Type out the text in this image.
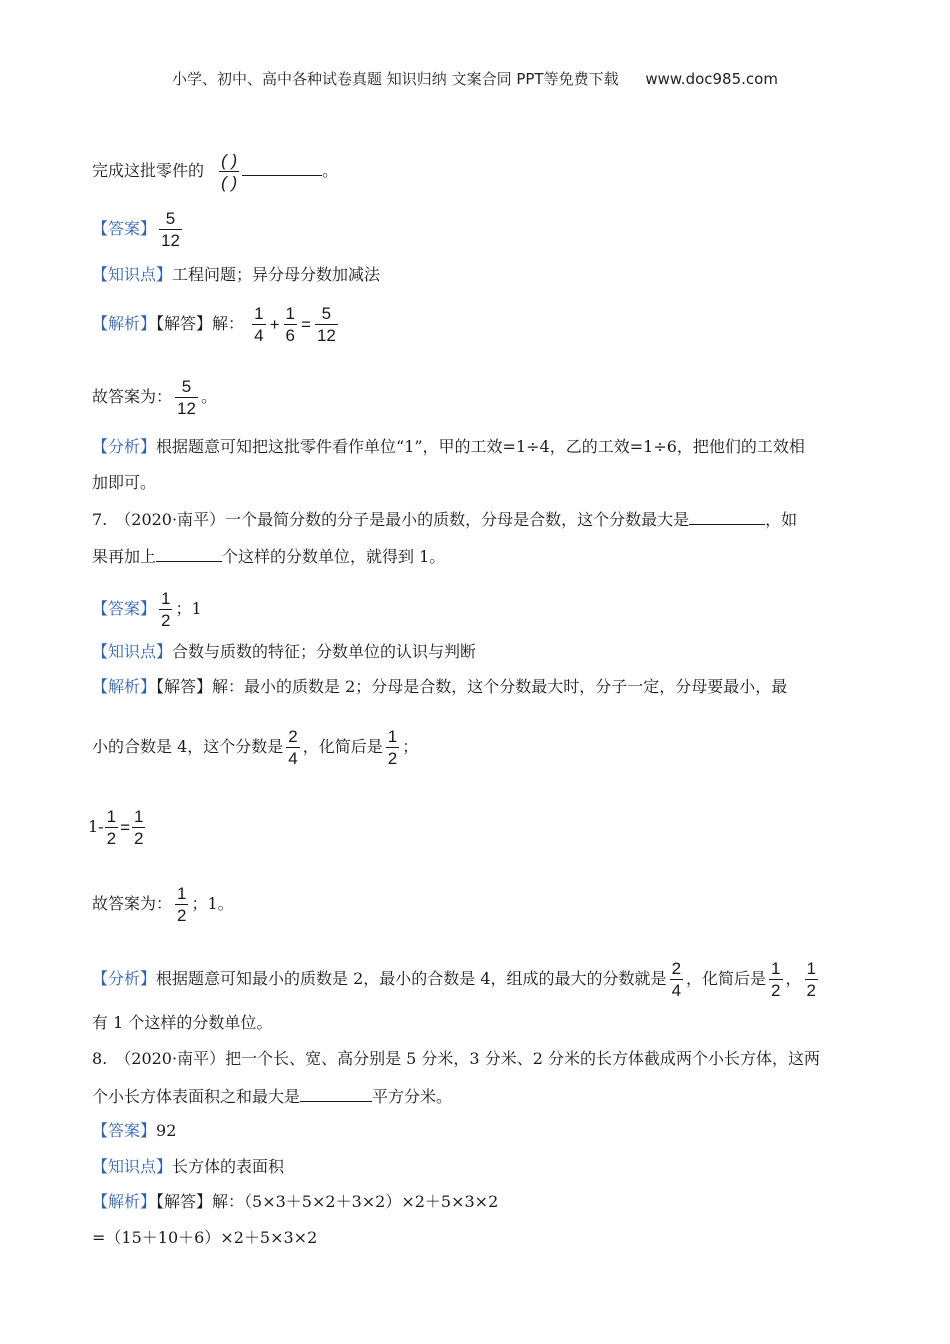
小学、初中、高中各种试卷真题 知识归纳 文案合同 PPT等免费下载 www.doc985.com
完成这批零件的 $\frac{( )}{( )}$	。
【答案】 $\frac{5}{12}$
【知识点】工程问题；异分母分数加减法
【解析】【解答】解： $\frac{1}{4} + \frac{1}{6} = \frac{5}{12}$
故答案为： $\frac{5}{12}$ 。
【分析】根据题意可知把这批零件看作单位“1”，甲的工效=1÷4，乙的工效=1÷6，把他们的工效相
加即可。
7.　（2020·南平）一个最简分数的分子是最小的质数，分母是合数，这个分数最大是	，如
果再加上	个这样的分数单位，就得到 1。
【答案】 $\frac{1}{2}$ ；1
【知识点】合数与质数的特征；分数单位的认识与判断
【解析】【解答】解：最小的质数是 2；分母是合数，这个分数最大时，分子一定，分母要最小，最
小的合数是 4，这个分数是 $\frac{2}{4}$ ，化简后是 $\frac{1}{2}$ ；
$1- \frac{1}{2} = \frac{1}{2}$
故答案为： $\frac{1}{2}$ ；1。
【分析】根据题意可知最小的质数是 2，最小的合数是 4，组成的最大的分数就是 $\frac{2}{4}$ ，化简后是 $\frac{1}{2}$ ， $\frac{1}{2}$
有 1 个这样的分数单位。
8.　（2020·南平）把一个长、宽、高分别是 5 分米，3 分米、2 分米的长方体截成两个小长方体，这两
个小长方体表面积之和最大是	平方分米。
【答案】92
【知识点】长方体的表面积
【解析】【解答】解：（5×3＋5×2＋3×2）×2＋5×3×2
=（15＋10＋6）×2＋5×3×2
